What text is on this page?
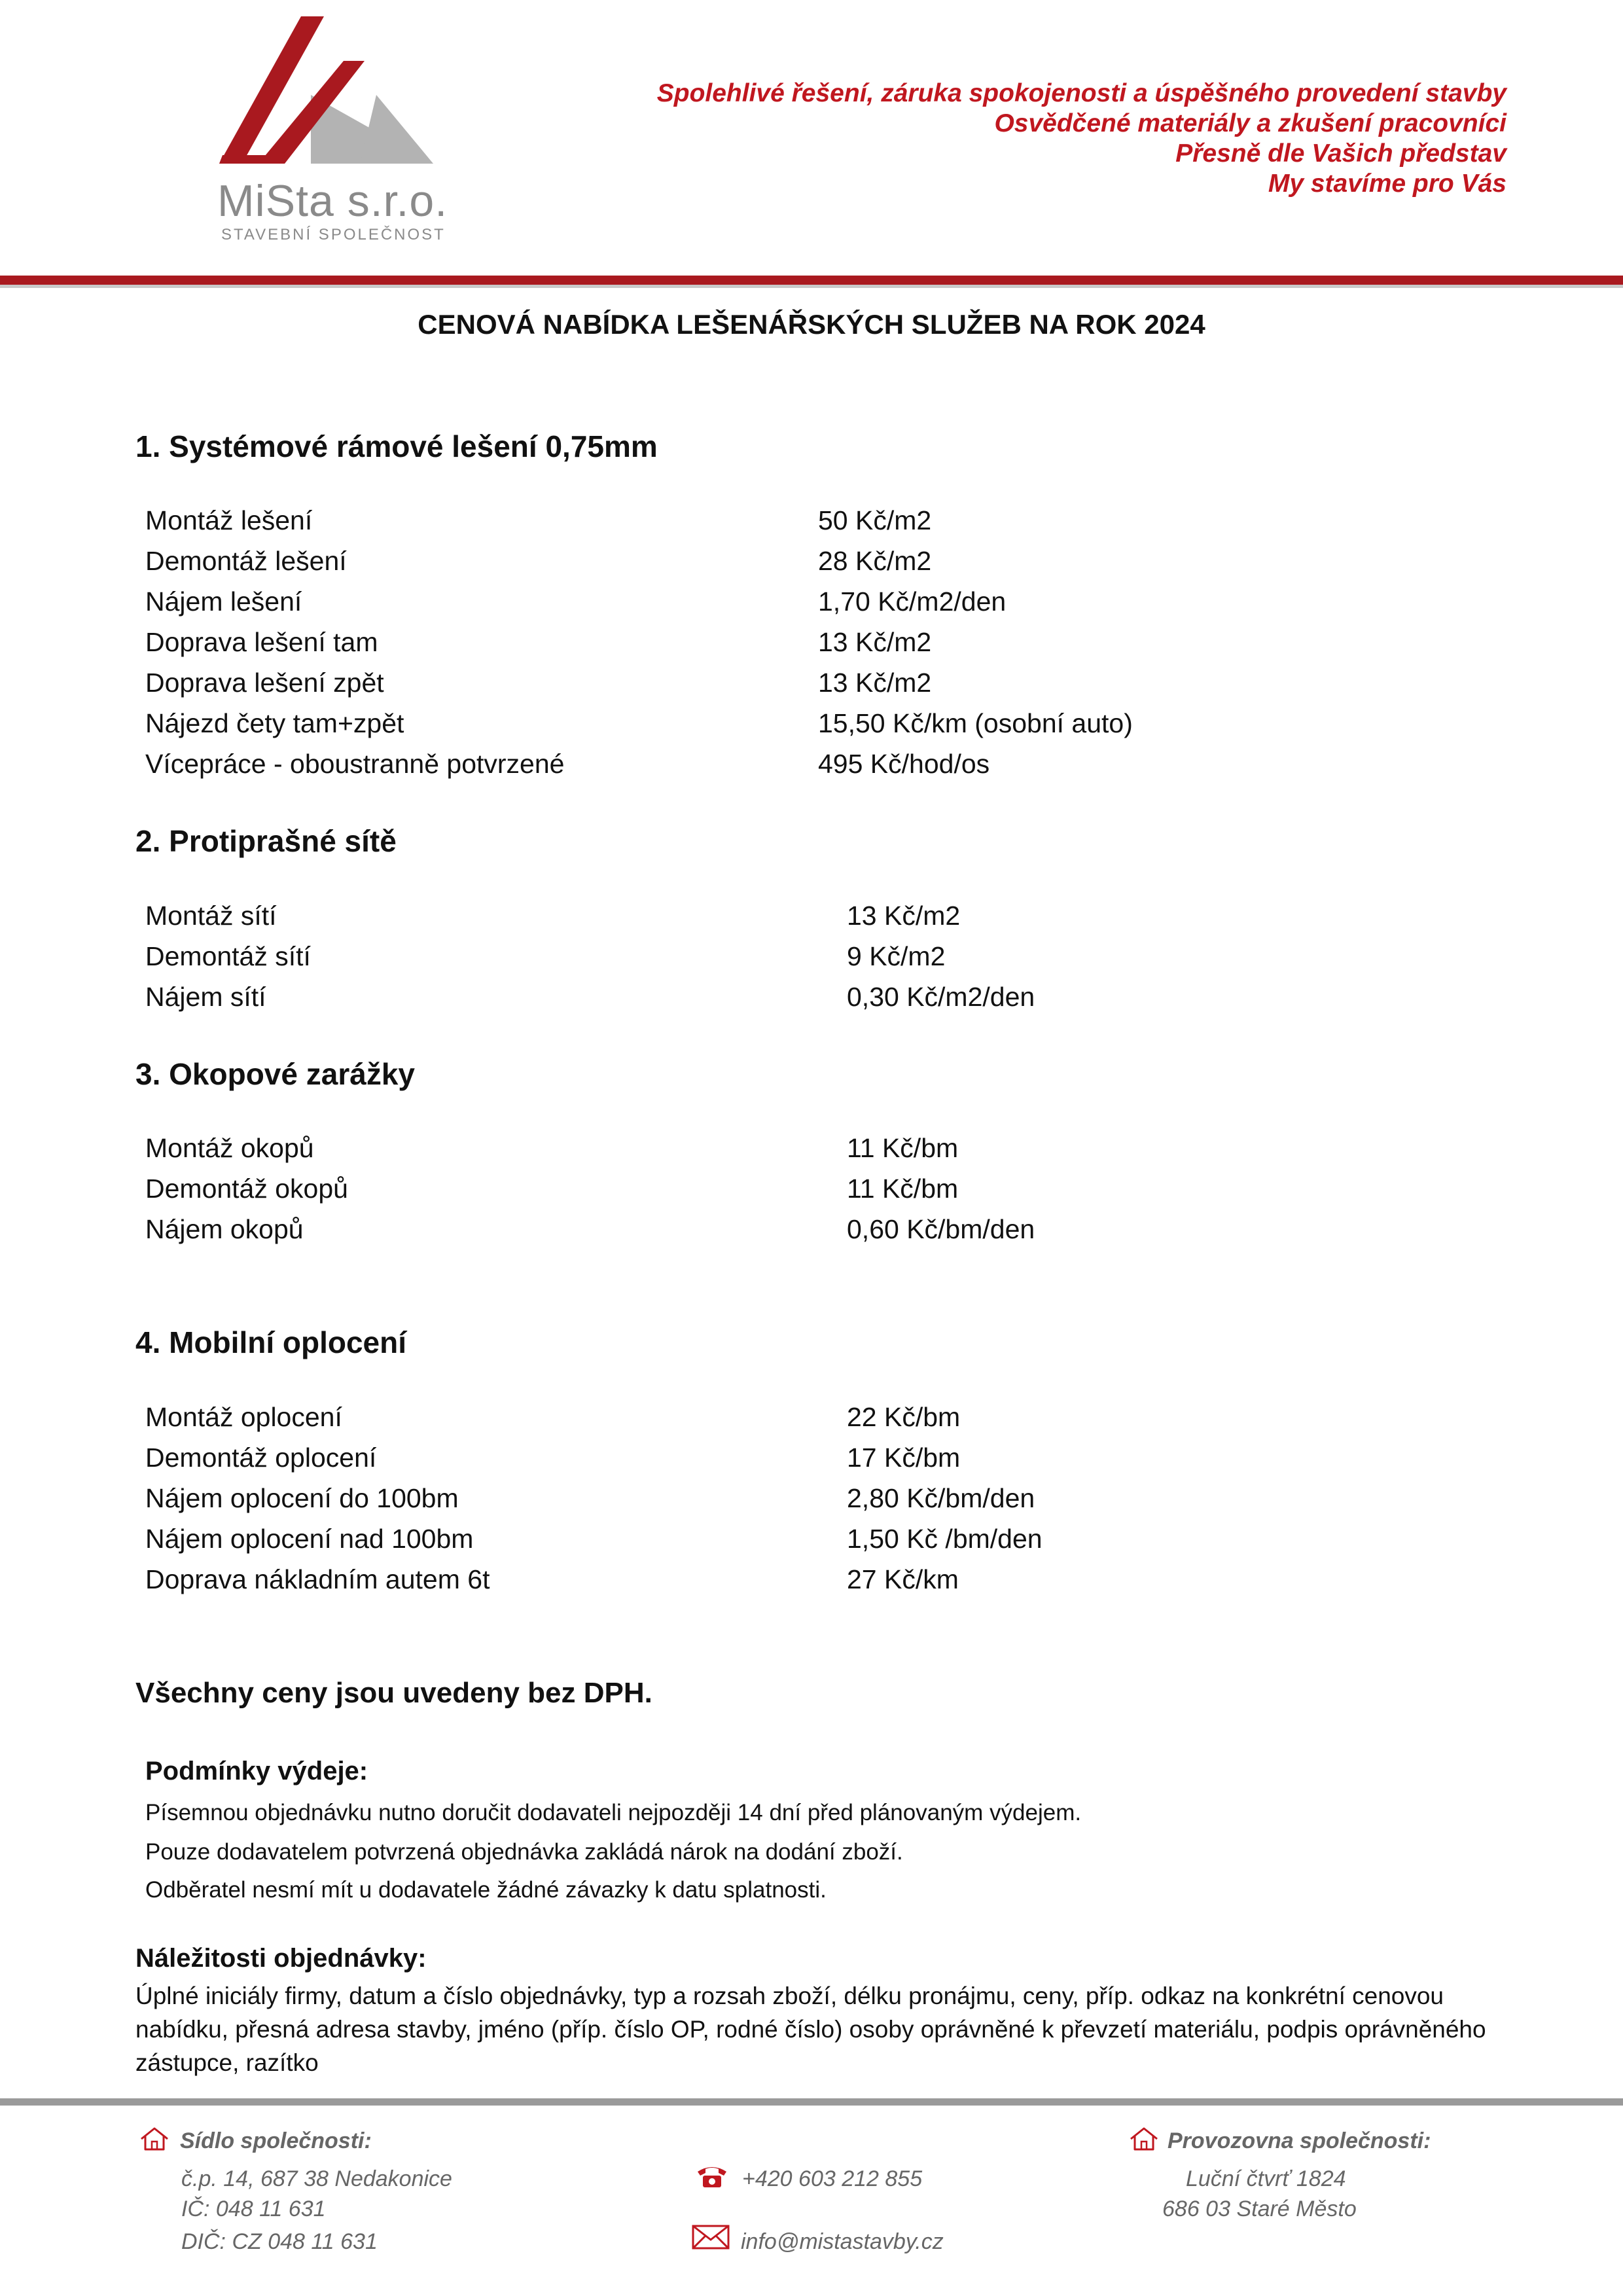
MiSta s.r.o.
STAVEBNÍ SPOLEČNOST
Spolehlivé řešení, záruka spokojenosti a úspěšného provedení stavby
Osvědčené materiály a zkušení pracovníci
Přesně dle Vašich představ
My stavíme pro Vás
CENOVÁ NABÍDKA LEŠENÁŘSKÝCH SLUŽEB NA ROK 2024
1. Systémové rámové lešení 0,75mm
Montáž lešení	50 Kč/m2
Demontáž lešení	28 Kč/m2
Nájem lešení	1,70 Kč/m2/den
Doprava lešení tam	13 Kč/m2
Doprava lešení zpět	13 Kč/m2
Nájezd čety tam+zpět	15,50 Kč/km (osobní auto)
Vícepráce - oboustranně potvrzené	495 Kč/hod/os
2. Protiprašné sítě
Montáž sítí	13 Kč/m2
Demontáž sítí	9 Kč/m2
Nájem sítí	0,30 Kč/m2/den
3. Okopové zarážky
Montáž okopů	11 Kč/bm
Demontáž okopů	11 Kč/bm
Nájem okopů	0,60 Kč/bm/den
4. Mobilní oplocení
Montáž oplocení	22 Kč/bm
Demontáž oplocení	17 Kč/bm
Nájem oplocení do 100bm	2,80 Kč/bm/den
Nájem oplocení nad 100bm	1,50 Kč /bm/den
Doprava nákladním autem 6t	27 Kč/km
Všechny ceny jsou uvedeny bez DPH.
Podmínky výdeje:
Písemnou objednávku nutno doručit dodavateli nejpozději 14 dní před plánovaným výdejem.
Pouze dodavatelem potvrzená objednávka zakládá nárok na dodání zboží.
Odběratel nesmí mít u dodavatele žádné závazky k datu splatnosti.
Náležitosti objednávky:
Úplné iniciály firmy, datum a číslo objednávky, typ a rozsah zboží, délku pronájmu, ceny, příp. odkaz na konkrétní cenovou nabídku, přesná adresa stavby, jméno (příp. číslo OP, rodné číslo) osoby oprávněné k převzetí materiálu, podpis oprávněného zástupce, razítko
Sídlo společnosti:
č.p. 14, 687 38 Nedakonice
IČ: 048 11 631
DIČ: CZ 048 11 631
+420 603 212 855
info@mistastavby.cz
Provozovna společnosti:
Luční čtvrť 1824
686 03 Staré Město
